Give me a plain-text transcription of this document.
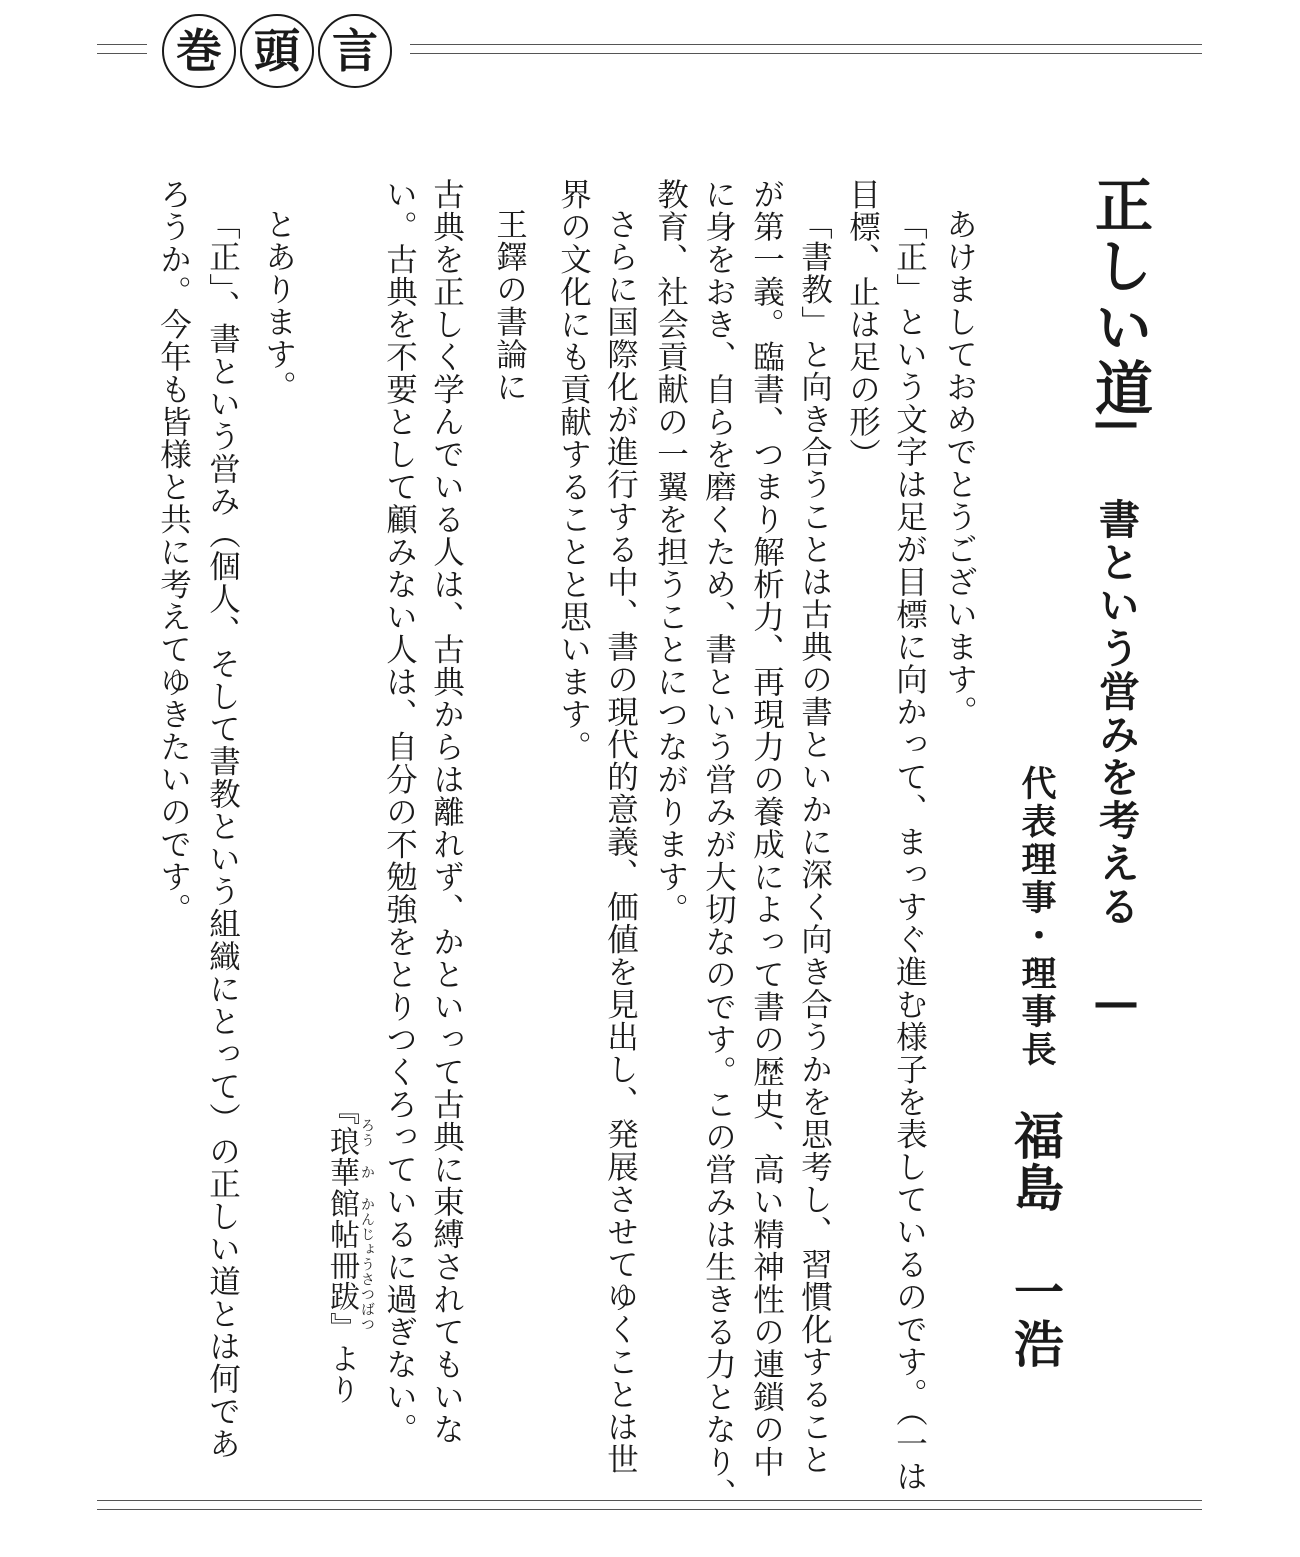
巻 頭 言
正しい道
― 書という営みを考える ―
代表理事・理事長
福島　一浩
あけましておめでとうございます。
「正」という文字は足が目標に向かって、まっすぐ進む様子を表しているのです。（一は
目標、止は足の形）
「書教」と向き合うことは古典の書といかに深く向き合うかを思考し、習慣化すること
が第一義。臨書、つまり解析力、再現力の養成によって書の歴史、高い精神性の連鎖の中
に身をおき、自らを磨くため、書という営みが大切なのです。この営みは生きる力となり、
教育、社会貢献の一翼を担うことにつながります。
さらに国際化が進行する中、書の現代的意義、価値を見出し、発展させてゆくことは世
界の文化にも貢献することと思います。
王鐸の書論に
古典を正しく学んでいる人は、古典からは離れず、かといって古典に束縛されてもいな
い。古典を不要として顧みない人は、自分の不勉強をとりつくろっているに過ぎない。
『琅華館帖冊跋』より ろう か かんじょうさつばつ
とあります。
「正」、書という営み（個人、そして書教という組織にとって）の正しい道とは何であ
ろうか。今年も皆様と共に考えてゆきたいのです。
